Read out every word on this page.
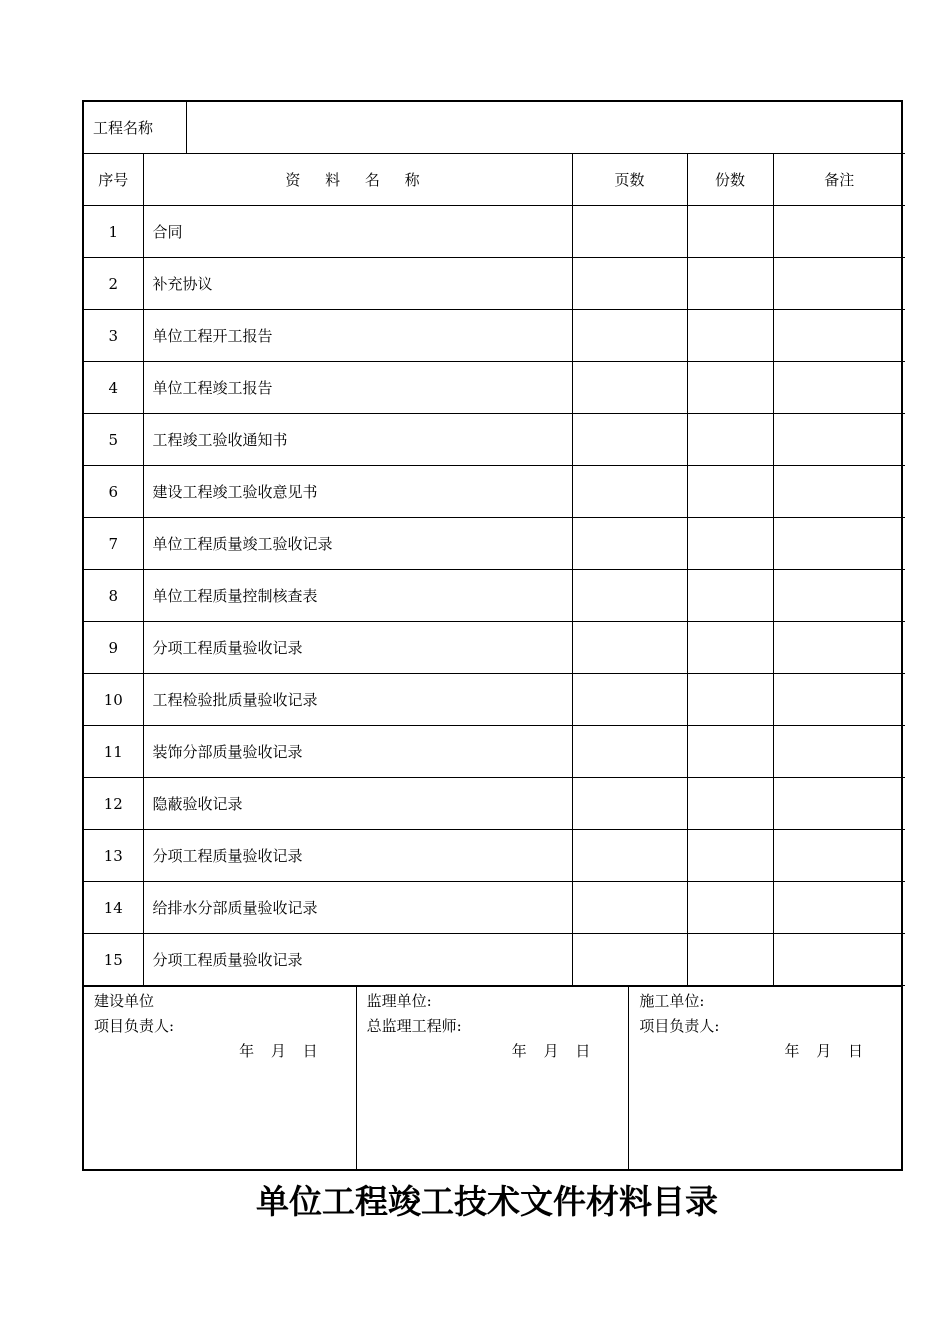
工程名称					
序号	资 料 名 称		页数	份数	备注
1	合同				
2	补充协议				
3	单位工程开工报告				
4	单位工程竣工报告				
5	工程竣工验收通知书				
6	建设工程竣工验收意见书				
7	单位工程质量竣工验收记录				
8	单位工程质量控制核查表				
9	分项工程质量验收记录				
10	工程检验批质量验收记录				
11	装饰分部质量验收记录				
12	隐蔽验收记录				
13	分项工程质量验收记录				
14	给排水分部质量验收记录				
15	分项工程质量验收记录				
建设单位
项目负责人:
年 月 日
监理单位:
总监理工程师:
年 月 日
施工单位:
项目负责人:
年 月 日
单位工程竣工技术文件材料目录
